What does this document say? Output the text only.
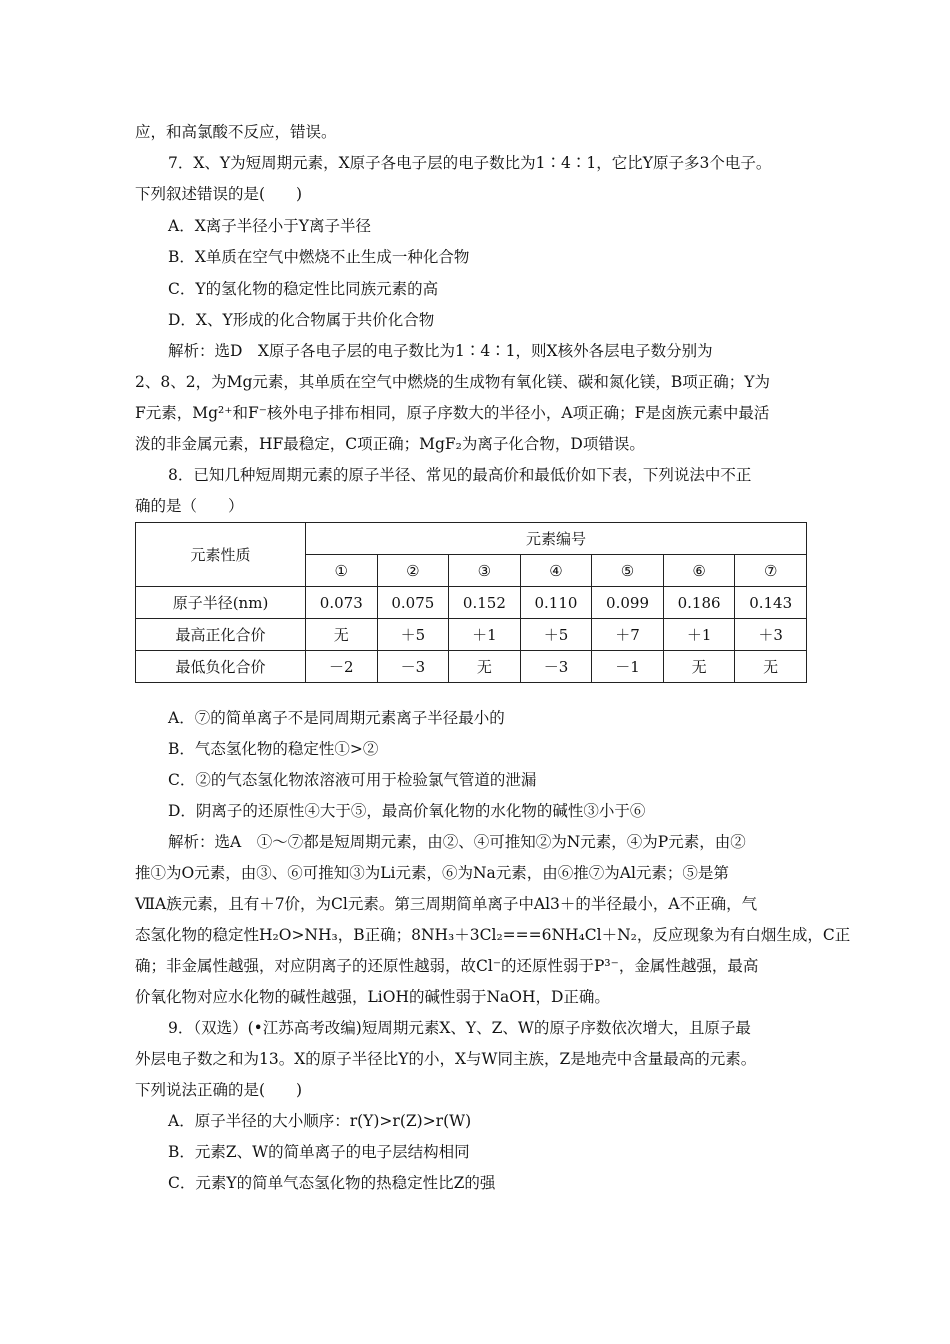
应，和高氯酸不反应，错误。
7．X、Y为短周期元素，X原子各电子层的电子数比为1∶4∶1，它比Y原子多3个电子。
下列叙述错误的是(　　)
A．X离子半径小于Y离子半径
B．X单质在空气中燃烧不止生成一种化合物
C．Y的氢化物的稳定性比同族元素的高
D．X、Y形成的化合物属于共价化合物
解析：选D　X原子各电子层的电子数比为1∶4∶1，则X核外各层电子数分别为
2、8、2，为Mg元素，其单质在空气中燃烧的生成物有氧化镁、碳和氮化镁，B项正确；Y为
F元素，Mg²⁺和F⁻核外电子排布相同，原子序数大的半径小，A项正确；F是卤族元素中最活
泼的非金属元素，HF最稳定，C项正确；MgF₂为离子化合物，D项错误。
8．已知几种短周期元素的原子半径、常见的最高价和最低价如下表，下列说法中不正
确的是（　　）
元素性质	元素编号						
	①	②	③	④	⑤	⑥	⑦
原子半径(nm)	0.073	0.075	0.152	0.110	0.099	0.186	0.143
最高正化合价	无	＋5	＋1	＋5	＋7	＋1	＋3
最低负化合价	－2	－3	无	－3	－1	无	无
A．⑦的简单离子不是同周期元素离子半径最小的
B．气态氢化物的稳定性①>②
C．②的气态氢化物浓溶液可用于检验氯气管道的泄漏
D．阴离子的还原性④大于⑤，最高价氧化物的水化物的碱性③小于⑥
解析：选A　①～⑦都是短周期元素，由②、④可推知②为N元素，④为P元素，由②
推①为O元素，由③、⑥可推知③为Li元素，⑥为Na元素，由⑥推⑦为Al元素；⑤是第
ⅦA族元素，且有＋7价，为Cl元素。第三周期简单离子中Al3＋的半径最小，A不正确，气
态氢化物的稳定性H₂O>NH₃，B正确；8NH₃＋3Cl₂===6NH₄Cl＋N₂，反应现象为有白烟生成，C正
确；非金属性越强，对应阴离子的还原性越弱，故Cl⁻的还原性弱于P³⁻，金属性越强，最高
价氧化物对应水化物的碱性越强，LiOH的碱性弱于NaOH，D正确。
9．（双选）(•江苏高考改编)短周期元素X、Y、Z、W的原子序数依次增大，且原子最
外层电子数之和为13。X的原子半径比Y的小，X与W同主族，Z是地壳中含量最高的元素。
下列说法正确的是(　　)
A．原子半径的大小顺序：r(Y)>r(Z)>r(W)
B．元素Z、W的简单离子的电子层结构相同
C．元素Y的简单气态氢化物的热稳定性比Z的强
